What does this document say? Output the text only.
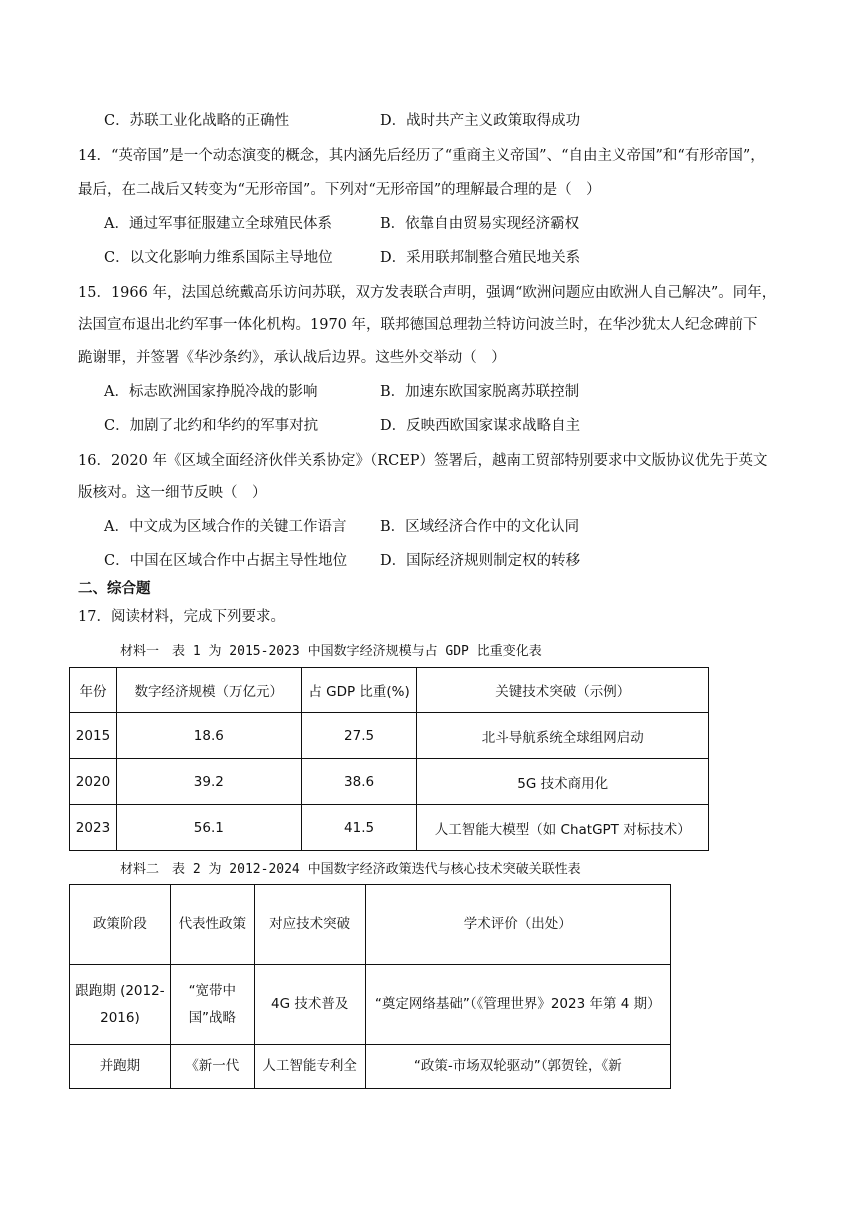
C．苏联工业化战略的正确性	D．战时共产主义政策取得成功
14．“英帝国”是一个动态演变的概念，其内涵先后经历了“重商主义帝国”、“自由主义帝国”和“有形帝国”，
最后，在二战后又转变为“无形帝国”。下列对“无形帝国”的理解最合理的是（　）
A．通过军事征服建立全球殖民体系	B．依靠自由贸易实现经济霸权
C．以文化影响力维系国际主导地位	D．采用联邦制整合殖民地关系
15．1966 年，法国总统戴高乐访问苏联，双方发表联合声明，强调“欧洲问题应由欧洲人自己解决”。同年，
法国宣布退出北约军事一体化机构。1970 年，联邦德国总理勃兰特访问波兰时，在华沙犹太人纪念碑前下
跪谢罪，并签署《华沙条约》，承认战后边界。这些外交举动（　）
A．标志欧洲国家挣脱冷战的影响	B．加速东欧国家脱离苏联控制
C．加剧了北约和华约的军事对抗	D．反映西欧国家谋求战略自主
16．2020 年《区域全面经济伙伴关系协定》（RCEP）签署后，越南工贸部特别要求中文版协议优先于英文
版核对。这一细节反映（　）
A．中文成为区域合作的关键工作语言 B．区域经济合作中的文化认同
C．中国在区域合作中占据主导性地位 D．国际经济规则制定权的转移
二、综合题
17．阅读材料，完成下列要求。
材料一　表 1 为 2015-2023 中国数字经济规模与占 GDP 比重变化表
年份	数字经济规模（万亿元）	占 GDP 比重(%)	关键技术突破（示例）
2015	18.6	27.5	北斗导航系统全球组网启动
2020	39.2	38.6	5G 技术商用化
2023	56.1	41.5	人工智能大模型（如 ChatGPT 对标技术）
材料二　表 2 为 2012-2024 中国数字经济政策迭代与核心技术突破关联性表
政策阶段	代表性政策	对应技术突破	学术评价（出处）

跟跑期 (2012-2016)	“宽带中国”战略	4G 技术普及	“奠定网络基础”（《管理世界》2023 年第 4 期）

并跑期	《新一代	人工智能专利全	“政策-市场双轮驱动”（郭贺铨，《新
